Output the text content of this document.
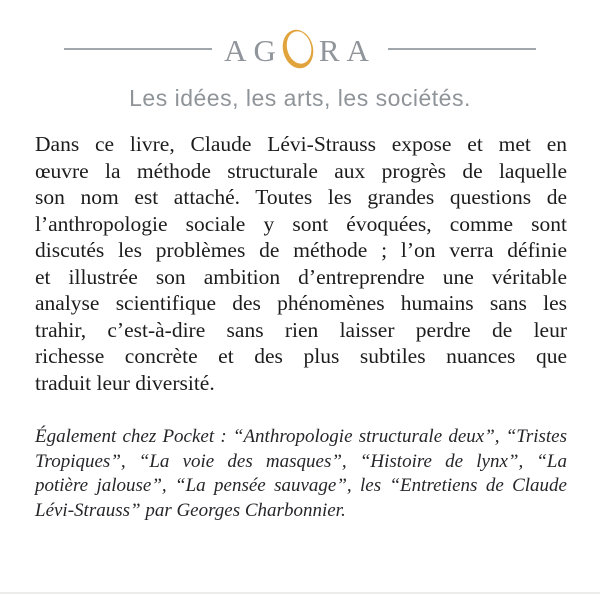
AG RA
Les idées, les arts, les sociétés.
Dans ce livre, Claude Lévi-Strauss expose et met en
œuvre la méthode structurale aux progrès de laquelle
son nom est attaché. Toutes les grandes questions de
l’anthropologie sociale y sont évoquées, comme sont
discutés les problèmes de méthode ; l’on verra définie
et illustrée son ambition d’entreprendre une véritable
analyse scientifique des phénomènes humains sans les
trahir, c’est-à-dire sans rien laisser perdre de leur
richesse concrète et des plus subtiles nuances que
traduit leur diversité.
Également chez Pocket : “Anthropologie structurale deux”, “Tristes
Tropiques”, “La voie des masques”, “Histoire de lynx”, “La
potière jalouse”, “La pensée sauvage”, les “Entretiens de Claude
Lévi-Strauss” par Georges Charbonnier.
